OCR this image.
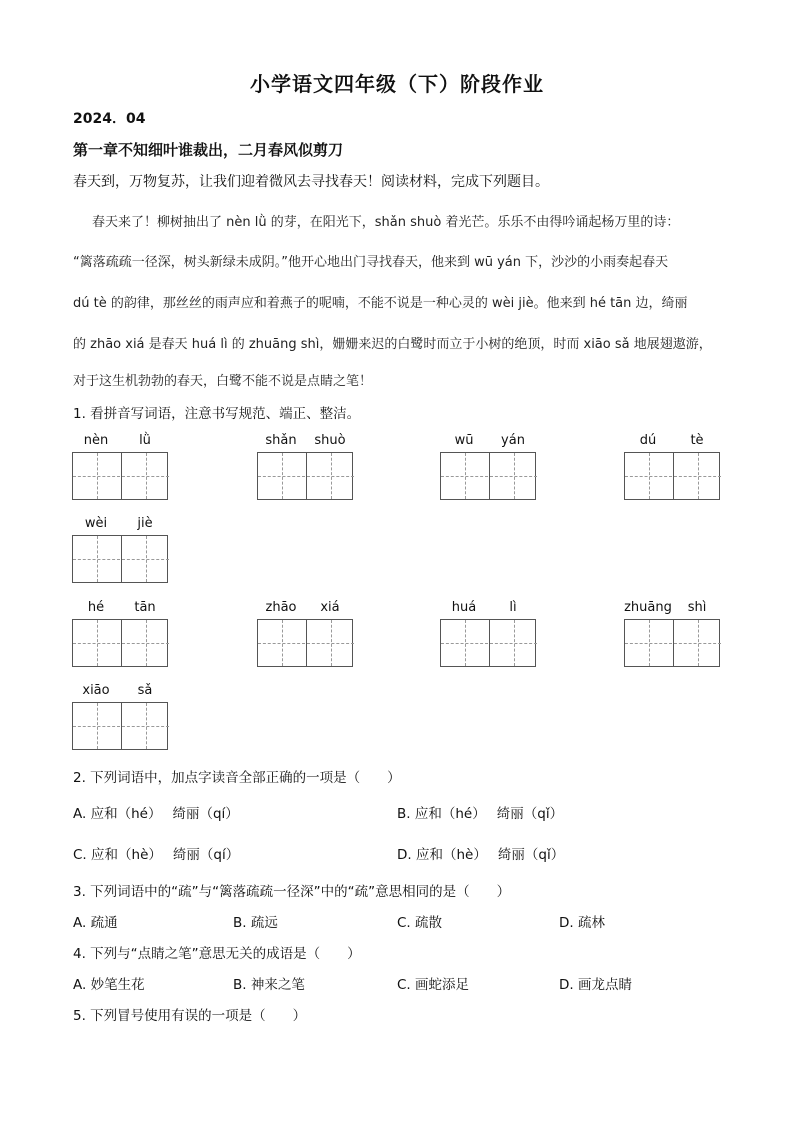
小学语文四年级（下）阶段作业
2024．04
第一章不知细叶谁裁出，二月春风似剪刀
春天到，万物复苏，让我们迎着微风去寻找春天！阅读材料，完成下列题目。
春天来了！柳树抽出了 nèn lǜ 的芽，在阳光下，shǎn shuò 着光芒。乐乐不由得吟诵起杨万里的诗：
“篱落疏疏一径深，树头新绿未成阴。”他开心地出门寻找春天，他来到 wū yán 下，沙沙的小雨奏起春天
dú tè 的韵律，那丝丝的雨声应和着燕子的呢喃，不能不说是一种心灵的 wèi jiè。他来到 hé tān 边，绮丽
的 zhāo xiá 是春天 huá lì 的 zhuāng shì，姗姗来迟的白鹭时而立于小树的绝顶，时而 xiāo sǎ 地展翅遨游，
对于这生机勃勃的春天，白鹭不能不说是点睛之笔！
1. 看拼音写词语，注意书写规范、端正、整洁。
nèn	lǜ	shǎn	shuò	wū	yán	dú	tè
wèi	jiè
hé	tān	zhāo	xiá	huá	lì	zhuāng	shì
xiāo	sǎ
2. 下列词语中，加点字读音全部正确的一项是（　　）
A. 应和（hé）　 绮丽（qí）	B. 应和（hé）　 绮丽（qǐ）
C. 应和（hè）　 绮丽（qí）	D. 应和（hè）　 绮丽（qǐ）
3. 下列词语中的“疏”与“篱落疏疏一径深”中的“疏”意思相同的是（　　）
A. 疏通	B. 疏远	C. 疏散	D. 疏林
4. 下列与“点睛之笔”意思无关的成语是（　　）
A. 妙笔生花	B. 神来之笔	C. 画蛇添足	D. 画龙点睛
5. 下列冒号使用有误的一项是（　　）
